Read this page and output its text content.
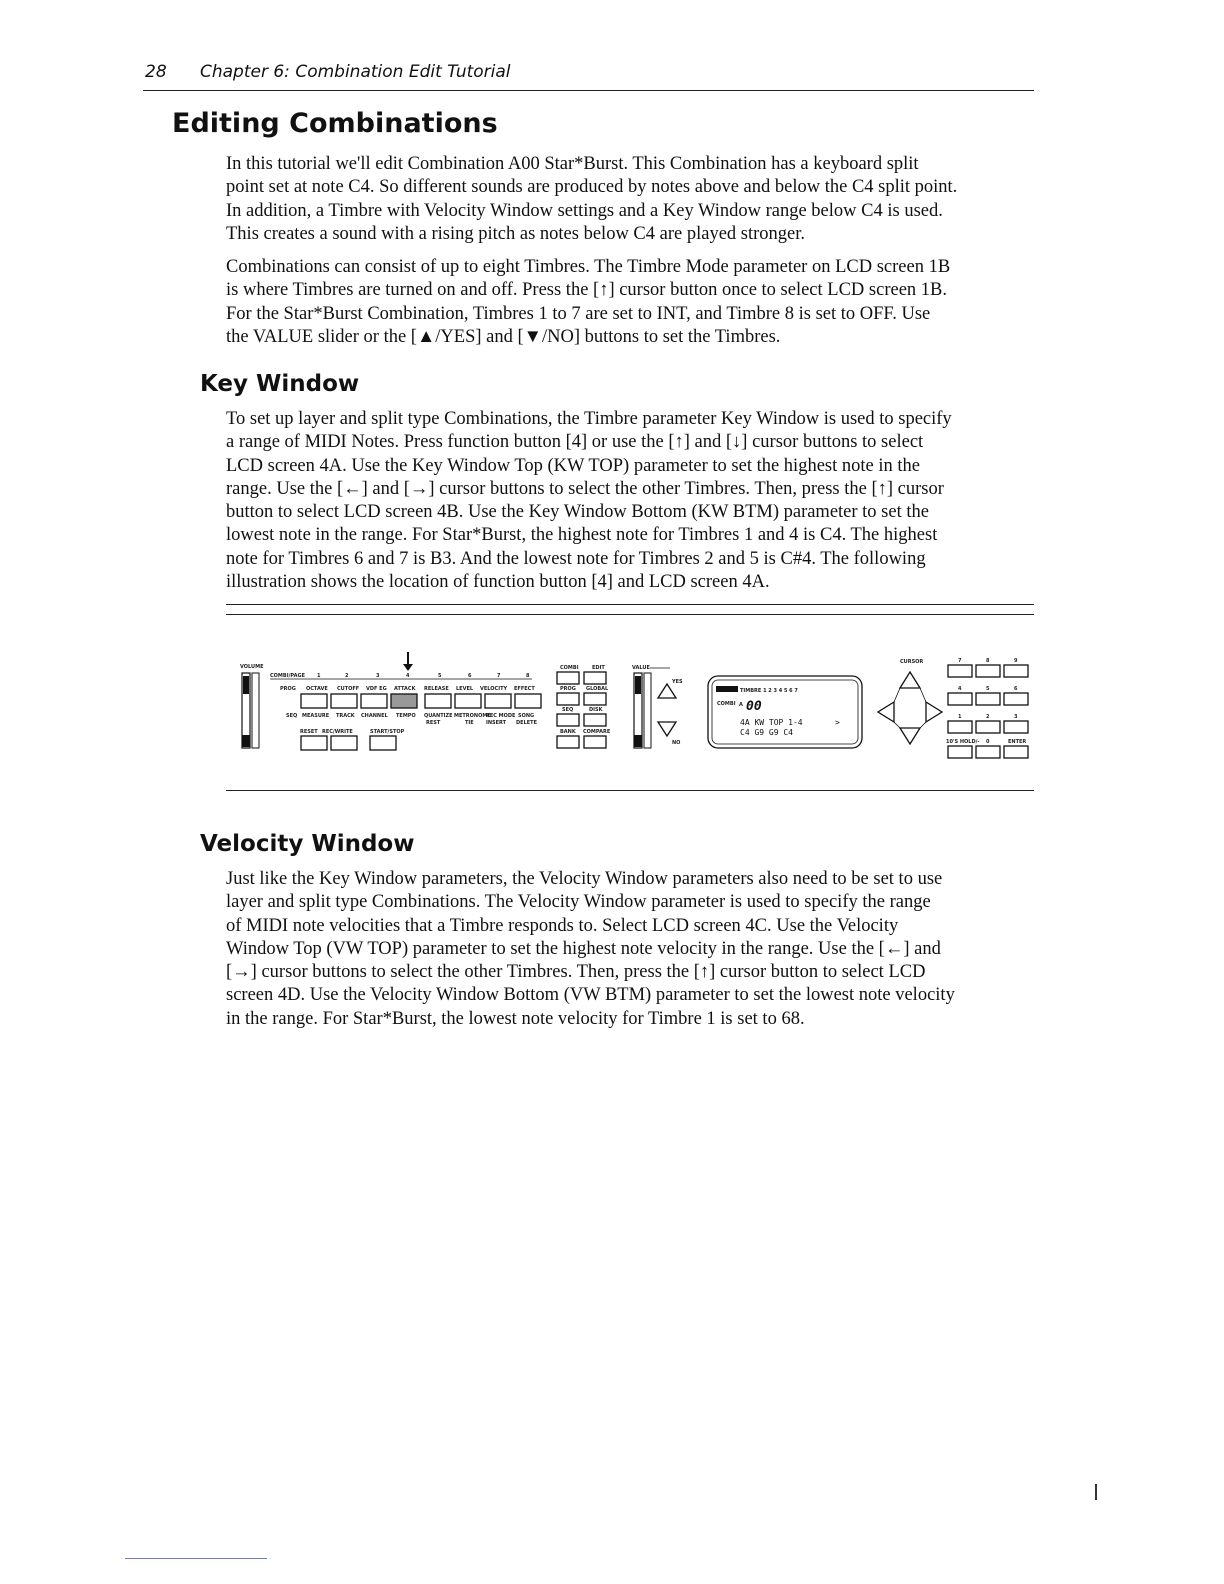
28 Chapter 6: Combination Edit Tutorial
Editing Combinations

In this tutorial we'll edit Combination A00 Star*Burst. This Combination has a keyboard split
point set at note C4. So different sounds are produced by notes above and below the C4 split point.
In addition, a Timbre with Velocity Window settings and a Key Window range below C4 is used.
This creates a sound with a rising pitch as notes below C4 are played stronger.

Combinations can consist of up to eight Timbres. The Timbre Mode parameter on LCD screen 1B
is where Timbres are turned on and off. Press the [↑] cursor button once to select LCD screen 1B.
For the Star*Burst Combination, Timbres 1 to 7 are set to INT, and Timbre 8 is set to OFF. Use
the VALUE slider or the [▲/YES] and [▼/NO] buttons to set the Timbres.

Key Window

To set up layer and split type Combinations, the Timbre parameter Key Window is used to specify
a range of MIDI Notes. Press function button [4] or use the [↑] and [↓] cursor buttons to select
LCD screen 4A. Use the Key Window Top (KW TOP) parameter to set the highest note in the
range. Use the [←] and [→] cursor buttons to select the other Timbres. Then, press the [↑] cursor
button to select LCD screen 4B. Use the Key Window Bottom (KW BTM) parameter to set the
lowest note in the range. For Star*Burst, the highest note for Timbres 1 and 4 is C4. The highest
note for Timbres 6 and 7 is B3. And the lowest note for Timbres 2 and 5 is C#4. The following
illustration shows the location of function button [4] and LCD screen 4A.

VOLUME
COMBI/PAGE 1	2	3	4	5	6	7	8
PROG OCTAVE CUTOFF VDF EG ATTACK RELEASE LEVEL VELOCITY EFFECT
SEQ MEASURE TRACK CHANNEL TEMPO QUANTIZE METRONOME
REC MODE SONG
REST	TIE INSERT DELETE
RESET REC/WRITE	START/STOP
COMBI	EDIT
PROG GLOBAL
SEQ	DISK
BANK COMPARE
VALUE
YES
NO
TIMBRE 1 2 3 4 5 6 7
COMBI A 00
4A KW TOP 1-4	>
C4 G9 G9 C4
CURSOR	7	8	9
4	5	6
1	2	3
10'S HOLD/- 0	ENTER
Velocity Window

Just like the Key Window parameters, the Velocity Window parameters also need to be set to use
layer and split type Combinations. The Velocity Window parameter is used to specify the range
of MIDI note velocities that a Timbre responds to. Select LCD screen 4C. Use the Velocity
Window Top (VW TOP) parameter to set the highest note velocity in the range. Use the [←] and
[→] cursor buttons to select the other Timbres. Then, press the [↑] cursor button to select LCD
screen 4D. Use the Velocity Window Bottom (VW BTM) parameter to set the lowest note velocity
in the range. For Star*Burst, the lowest note velocity for Timbre 1 is set to 68.
